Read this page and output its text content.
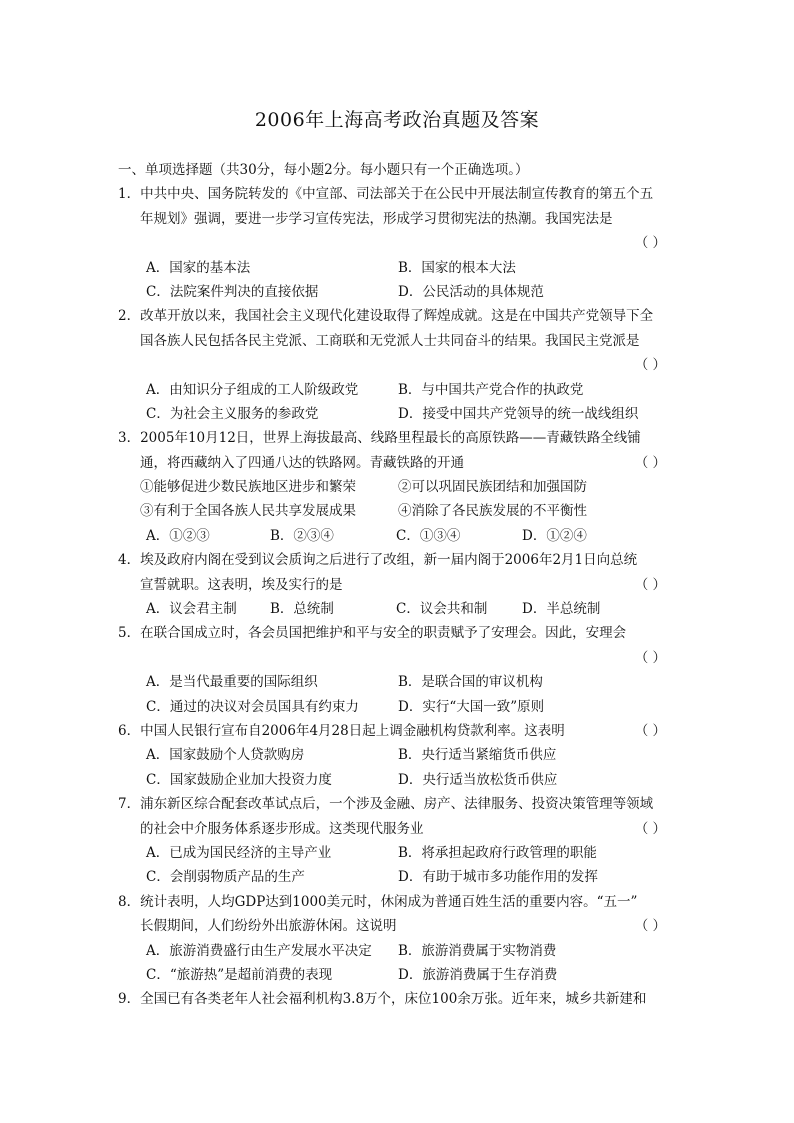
2006年上海高考政治真题及答案
一、单项选择题（共30分，每小题2分。每小题只有一个正确选项。）
1．中共中央、国务院转发的《中宣部、司法部关于在公民中开展法制宣传教育的第五个五
年规划》强调，要进一步学习宣传宪法，形成学习贯彻宪法的热潮。我国宪法是
（ ）
A．国家的基本法	B．国家的根本大法
C．法院案件判决的直接依据	D．公民活动的具体规范
2．改革开放以来，我国社会主义现代化建设取得了辉煌成就。这是在中国共产党领导下全
国各族人民包括各民主党派、工商联和无党派人士共同奋斗的结果。我国民主党派是
（ ）
A．由知识分子组成的工人阶级政党	B．与中国共产党合作的执政党
C．为社会主义服务的参政党	D．接受中国共产党领导的统一战线组织
3．2005年10月12日，世界上海拔最高、线路里程最长的高原铁路——青藏铁路全线铺
通，将西藏纳入了四通八达的铁路网。青藏铁路的开通	（ ）
①能够促进少数民族地区进步和繁荣	②可以巩固民族团结和加强国防
③有利于全国各族人民共享发展成果	④消除了各民族发展的不平衡性
A．①②③	B．②③④	C．①③④	D．①②④
4．埃及政府内阁在受到议会质询之后进行了改组，新一届内阁于2006年2月1日向总统
宣誓就职。这表明，埃及实行的是	（ ）
A．议会君主制 B．总统制	C．议会共和制	D．半总统制
5．在联合国成立时，各会员国把维护和平与安全的职责赋予了安理会。因此，安理会
（ ）
A．是当代最重要的国际组织	B．是联合国的审议机构
C．通过的决议对会员国具有约束力	D．实行“大国一致”原则
6．中国人民银行宣布自2006年4月28日起上调金融机构贷款利率。这表明	（ ）
A．国家鼓励个人贷款购房	B．央行适当紧缩货币供应
C．国家鼓励企业加大投资力度	D．央行适当放松货币供应
7．浦东新区综合配套改革试点后，一个涉及金融、房产、法律服务、投资决策管理等领域
的社会中介服务体系逐步形成。这类现代服务业	（ ）
A．已成为国民经济的主导产业	B．将承担起政府行政管理的职能
C．会削弱物质产品的生产	D．有助于城市多功能作用的发挥
8．统计表明，人均GDP达到1000美元时，休闲成为普通百姓生活的重要内容。“五一”
长假期间，人们纷纷外出旅游休闲。这说明	（ ）
A．旅游消费盛行由生产发展水平决定 B．旅游消费属于实物消费
C．“旅游热”是超前消费的表现	D．旅游消费属于生存消费
9．全国已有各类老年人社会福利机构3.8万个，床位100余万张。近年来，城乡共新建和
